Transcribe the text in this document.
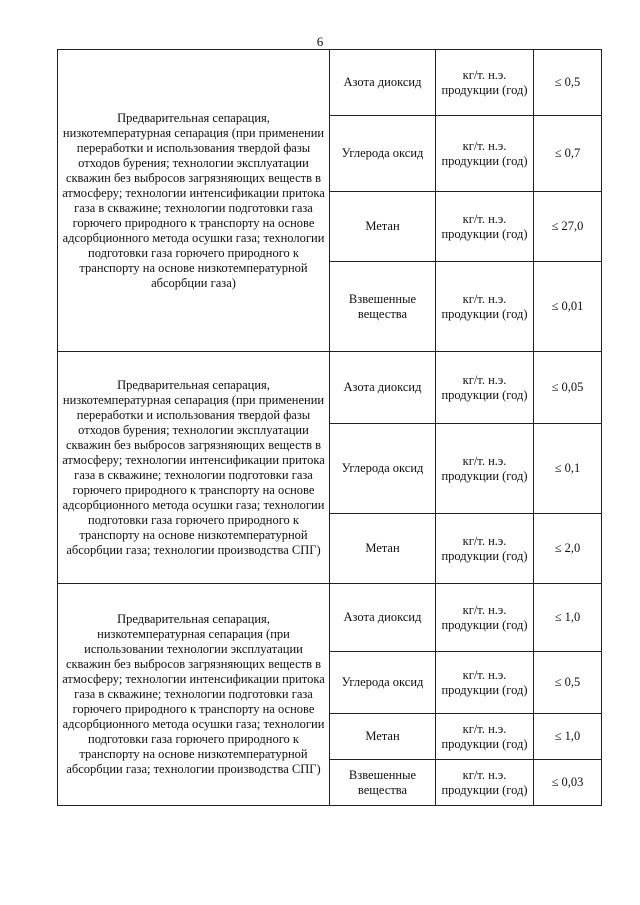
6
Предварительная сепарация, низкотемпературная сепарация (при применении переработки и использования твердой фазы отходов бурения; технологии эксплуатации скважин без выбросов загрязняющих веществ в атмосферу; технологии интенсификации притока газа в скважине; технологии подготовки газа горючего природного к транспорту на основе адсорбционного метода осушки газа; технологии подготовки газа горючего природного к транспорту на основе низкотемпературной абсорбции газа)	Азота диоксид	кг/т. н.э. продукции (год)	≤ 0,5
	Углерода оксид	кг/т. н.э. продукции (год)	≤ 0,7
	Метан	кг/т. н.э. продукции (год)	≤ 27,0
	Взвешенные вещества	кг/т. н.э. продукции (год)	≤ 0,01
Предварительная сепарация, низкотемпературная сепарация (при применении переработки и использования твердой фазы отходов бурения; технологии эксплуатации скважин без выбросов загрязняющих веществ в атмосферу; технологии интенсификации притока газа в скважине; технологии подготовки газа горючего природного к транспорту на основе адсорбционного метода осушки газа; технологии подготовки газа горючего природного к транспорту на основе низкотемпературной абсорбции газа; технологии производства СПГ)	Азота диоксид	кг/т. н.э. продукции (год)	≤ 0,05
	Углерода оксид	кг/т. н.э. продукции (год)	≤ 0,1
	Метан	кг/т. н.э. продукции (год)	≤ 2,0
Предварительная сепарация, низкотемпературная сепарация (при использовании технологии эксплуатации скважин без выбросов загрязняющих веществ в атмосферу; технологии интенсификации притока газа в скважине; технологии подготовки газа горючего природного к транспорту на основе адсорбционного метода осушки газа; технологии подготовки газа горючего природного к транспорту на основе низкотемпературной абсорбции газа; технологии производства СПГ)	Азота диоксид	кг/т. н.э. продукции (год)	≤ 1,0
	Углерода оксид	кг/т. н.э. продукции (год)	≤ 0,5
	Метан	кг/т. н.э. продукции (год)	≤ 1,0
	Взвешенные вещества	кг/т. н.э. продукции (год)	≤ 0,03
